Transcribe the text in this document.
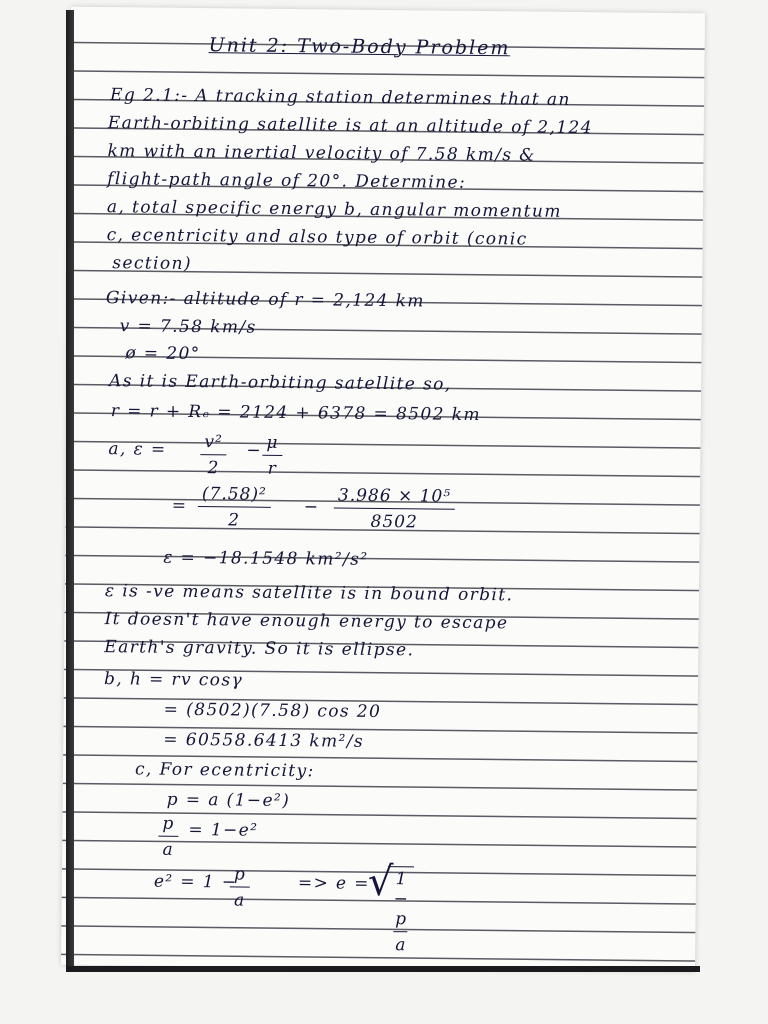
Unit 2: Two-Body Problem
Eg 2.1:- A tracking station determines that an
Earth-orbiting satellite is at an altitude of 2,124
km with an inertial velocity of 7.58 km/s &
flight-path angle of 20°. Determine:
a, total specific energy b, angular momentum
c, ecentricity and also type of orbit (conic
section)
Given:- altitude of r = 2,124 km
v = 7.58 km/s
ø = 20°
As it is Earth-orbiting satellite so,
r = r + Rₑ = 2124 + 6378 = 8502 km
a, $\varepsilon = \frac{\text{v²}}{2} - \frac{\mu}{r}$
= $\frac{\text{(7.58)²}}{2} - \frac{\text{3.986 × 10⁵}}{8502}$
ε = −18.1548 km²/s²
ε is -ve means satellite is in bound orbit.
It doesn't have enough energy to escape
Earth's gravity. So it is ellipse.
b, h = rv cosγ
= (8502)(7.58) cos 20
= 60558.6413 km²/s
c, For ecentricity:
p = a (1−e²)
$\frac{p}{a} = 1-e^2$
e² = 1 −
$\frac{p}{a}$	=> e =
√
$\frac{1 - p}{a}$
